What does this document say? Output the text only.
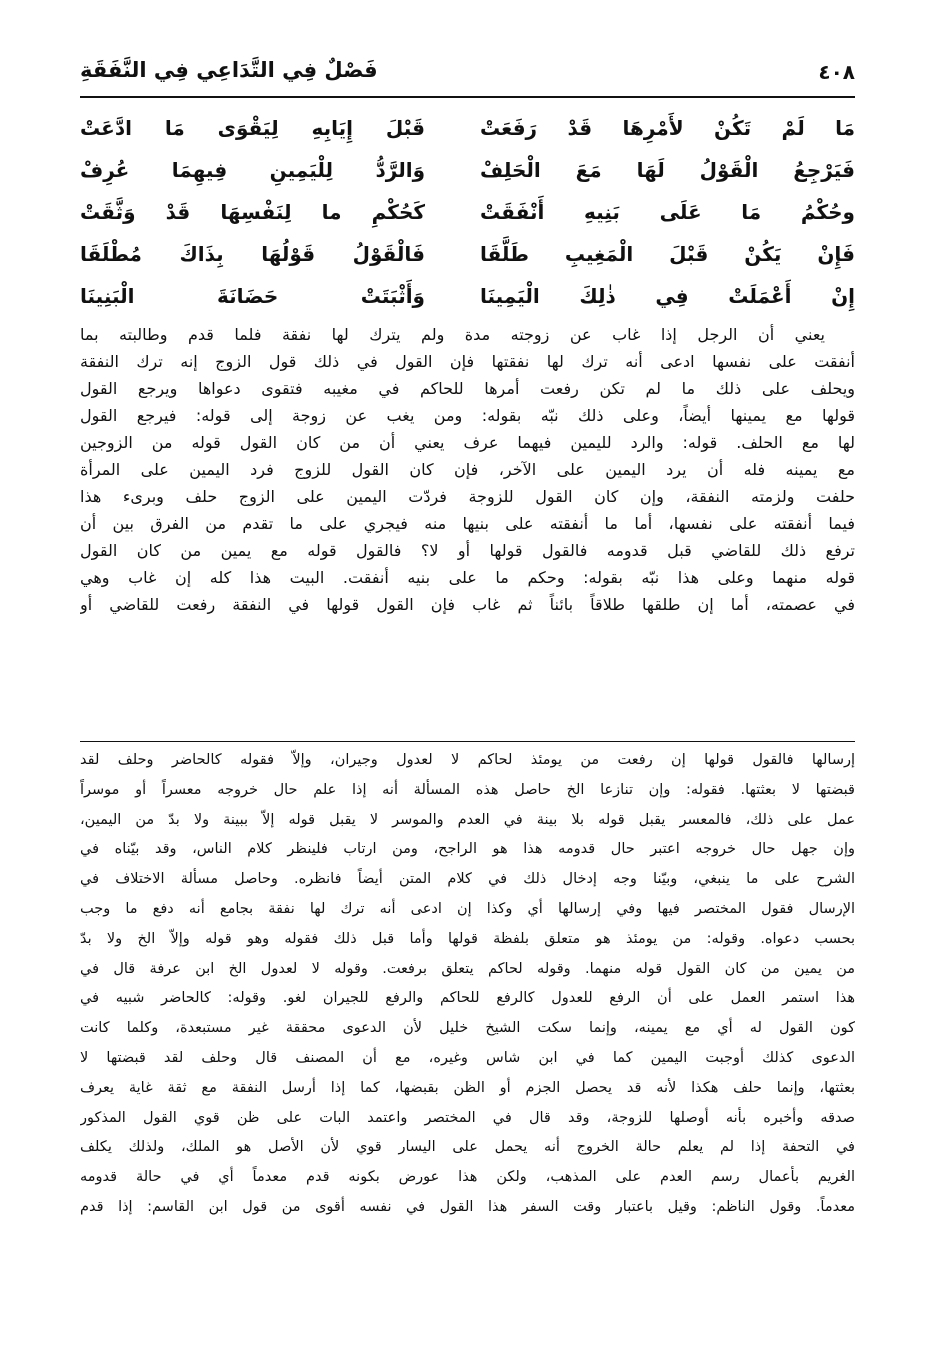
٤٠٨
فَصْلٌ فِي التَّدَاعِي فِي النَّفَقَةِ
مَا لَمْ تَكُنْ لأَمْرِهَا قَدْ رَفَعَتْ
قَبْلَ إِيَابِهِ لِيَقْوَى مَا ادَّعَتْ
فَيَرْجِعُ الْقَوْلُ لَهَا مَعَ الْحَلِفْ
وَالرَّدُّ لِلْيَمِينِ فِيهِمَا عُرِفْ
وحُكْمُ مَا عَلَى بَنِيهِ أَنْفَقَتْ
كَحُكْمِ ما لِنَفْسِهَا قَدْ وَثَّقَتْ
فَإِنْ يَكُنْ قَبْلَ الْمَغِيبِ طَلَّقَا
فَالْقَوْلُ قَوْلُهَا بِذَاكَ مُطْلَقَا
إِنْ أَعْمَلَتْ فِي ذٰلِكَ الْيَمِينَا
وَأَثْبَتَتْ حَضَانَةَ الْبَنِينَا
يعني أن الرجل إذا غاب عن زوجته مدة ولم يترك لها نفقة فلما قدم وطالبته بما
أنفقت على نفسها ادعى أنه ترك لها نفقتها فإن القول في ذلك قول الزوج إنه ترك النفقة
ويحلف على ذلك ما لم تكن رفعت أمرها للحاكم في مغيبه فتقوى دعواها ويرجع القول
قولها مع يمينها أيضاً، وعلى ذلك نبّه بقوله: ومن يغب عن زوجة إلى قوله: فيرجع القول
لها مع الحلف. قوله: والرد لليمين فيهما عرف يعني أن من كان القول قوله من الزوجين
مع يمينه فله أن يرد اليمين على الآخر، فإن كان القول للزوج فرد اليمين على المرأة
حلفت ولزمته النفقة، وإن كان القول للزوجة فردّت اليمين على الزوج حلف وبرىء هذا
فيما أنفقته على نفسها، أما ما أنفقته على بنيها منه فيجري على ما تقدم من الفرق بين أن
ترفع ذلك للقاضي قبل قدومه فالقول قولها أو لا؟ فالقول قوله مع يمين من كان القول
قوله منهما وعلى هذا نبّه بقوله: وحكم ما على بنيه أنفقت. البيت هذا كله إن غاب وهي
في عصمته، أما إن طلقها طلاقاً بائناً ثم غاب فإن القول قولها في النفقة رفعت للقاضي أو
إرسالها فالقول قولها إن رفعت من يومئذ لحاكم لا لعدول وجيران، وإلاّ فقوله كالحاضر وحلف لقد
قبضتها لا بعثتها. فقوله: وإن تنازعا الخ حاصل هذه المسألة أنه إذا علم حال خروجه معسراً أو موسراً
عمل على ذلك، فالمعسر يقبل قوله بلا بينة في العدم والموسر لا يقبل قوله إلاّ ببينة ولا بدّ من اليمين،
وإن جهل حال خروجه اعتبر حال قدومه هذا هو الراجح، ومن ارتاب فلينظر كلام الناس، وقد بيّناه في
الشرح على ما ينبغي، وبيّنا وجه إدخال ذلك في كلام المتن أيضاً فانظره. وحاصل مسألة الاختلاف في
الإرسال فقول المختصر فيها وفي إرسالها أي وكذا إن ادعى أنه ترك لها نفقة بجامع أنه دفع ما وجب
بحسب دعواه. وقوله: من يومئذ هو متعلق بلفظة قولها وأما قبل ذلك فقوله وهو قوله وإلاّ الخ ولا بدّ
من يمين من كان القول قوله منهما. وقوله لحاكم يتعلق برفعت. وقوله لا لعدول الخ ابن عرفة قال في
هذا استمر العمل على أن الرفع للعدول كالرفع للحاكم والرفع للجيران لغو. وقوله: كالحاضر شبيه في
كون القول له أي مع يمينه، وإنما سكت الشيخ خليل لأن الدعوى محققة غير مستبعدة، وكلما كانت
الدعوى كذلك أوجبت اليمين كما في ابن شاس وغيره، مع أن المصنف قال وحلف لقد قبضتها لا
بعثتها، وإنما حلف هكذا لأنه قد يحصل الجزم أو الظن بقبضها، كما إذا أرسل النفقة مع ثقة غاية يعرف
صدقه وأخبره بأنه أوصلها للزوجة، وقد قال في المختصر واعتمد البات على ظن قوي القول المذكور
في التحفة إذا لم يعلم حالة الخروج أنه يحمل على اليسار قوي لأن الأصل هو الملك، ولذلك يكلف
الغريم بأعمال رسم العدم على المذهب، ولكن هذا عورض بكونه قدم معدماً أي في حالة قدومه
معدماً. وقول الناظم: وقيل باعتبار وقت السفر هذا القول في نفسه أقوى من قول ابن القاسم: إذا قدم
